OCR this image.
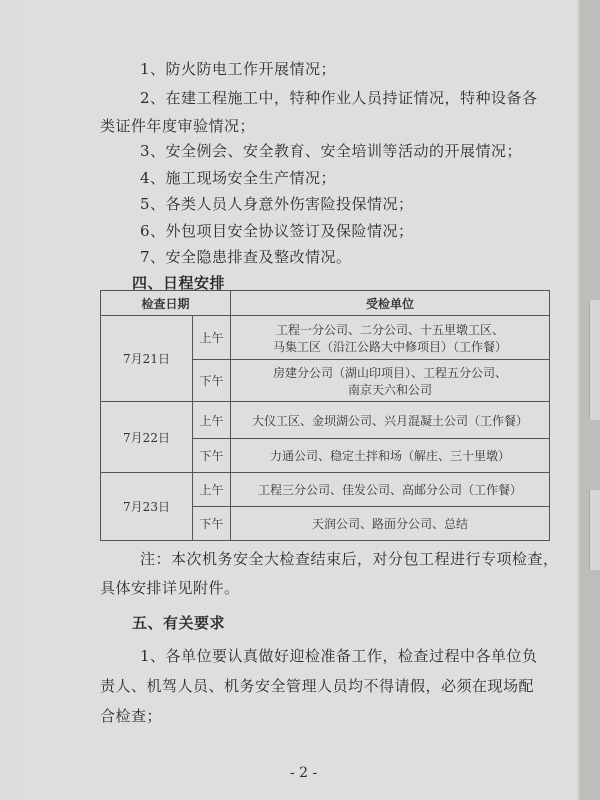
1、防火防电工作开展情况；
2、在建工程施工中，特种作业人员持证情况，特种设备各
类证件年度审验情况；
3、安全例会、安全教育、安全培训等活动的开展情况；
4、施工现场安全生产情况；
5、各类人员人身意外伤害险投保情况；
6、外包项目安全协议签订及保险情况；
7、安全隐患排查及整改情况。
四、日程安排
检查日期		受检单位
7月21日	上午	工程一分公司、二分公司、十五里墩工区、
马集工区（沿江公路大中修项目）（工作餐）

	下午	房建分公司（湖山印项目）、工程五分公司、
南京天六和公司

7月22日	上午	大仪工区、金坝湖公司、兴月混凝土公司（工作餐）
	下午	力通公司、稳定土拌和场（解庄、三十里墩）
7月23日	上午	工程三分公司、佳发公司、高邮分公司（工作餐）
	下午	天润公司、路面分公司、总结
注：本次机务安全大检查结束后，对分包工程进行专项检查，
具体安排详见附件。
五、有关要求
1、各单位要认真做好迎检准备工作，检查过程中各单位负
责人、机驾人员、机务安全管理人员均不得请假，必须在现场配
合检查；
- 2 -
